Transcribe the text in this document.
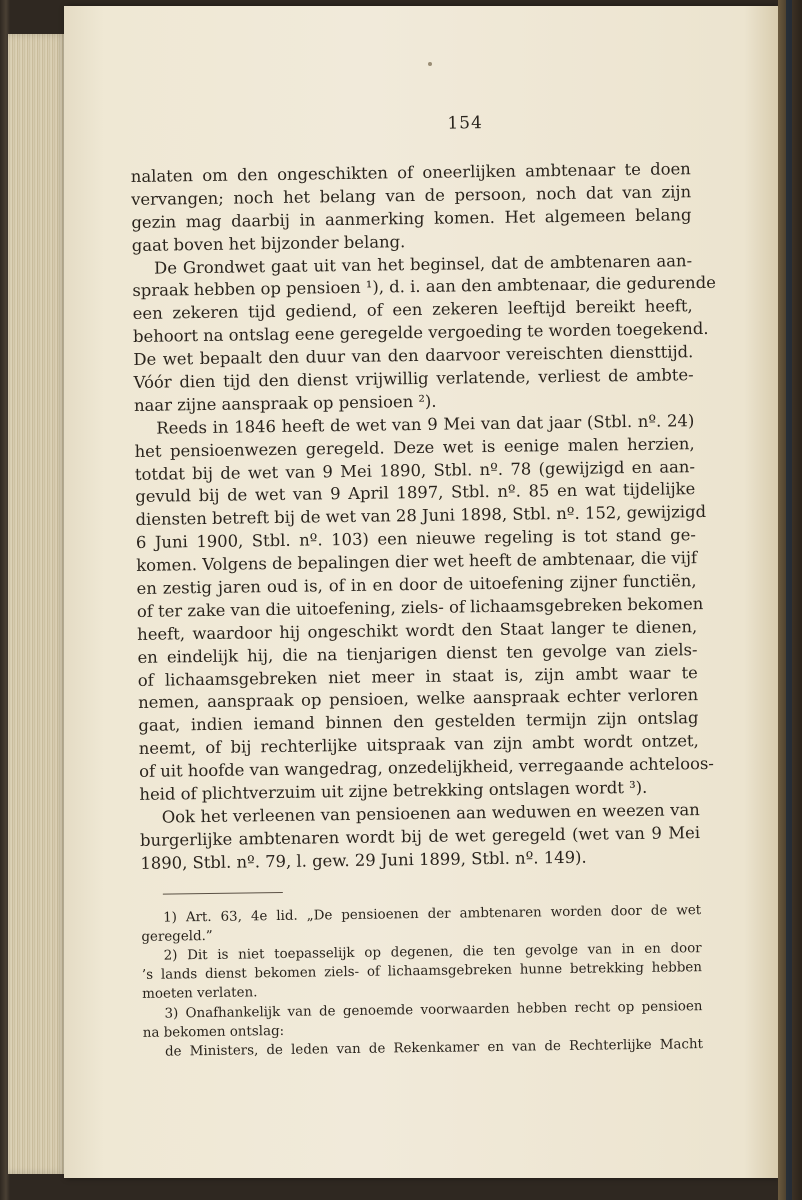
154
nalaten om den ongeschikten of oneerlijken ambtenaar te doen
vervangen; noch het belang van de persoon, noch dat van zijn
gezin mag daarbij in aanmerking komen. Het algemeen belang
gaat boven het bijzonder belang.
De Grondwet gaat uit van het beginsel, dat de ambtenaren aan-
spraak hebben op pensioen ¹), d. i. aan den ambtenaar, die gedurende
een zekeren tijd gediend, of een zekeren leeftijd bereikt heeft,
behoort na ontslag eene geregelde vergoeding te worden toegekend.
De wet bepaalt den duur van den daarvoor vereischten diensttijd.
Vóór dien tijd den dienst vrijwillig verlatende, verliest de ambte-
naar zijne aanspraak op pensioen ²).
Reeds in 1846 heeft de wet van 9 Mei van dat jaar (Stbl. nº. 24)
het pensioenwezen geregeld. Deze wet is eenige malen herzien,
totdat bij de wet van 9 Mei 1890, Stbl. nº. 78 (gewijzigd en aan-
gevuld bij de wet van 9 April 1897, Stbl. nº. 85 en wat tijdelijke
diensten betreft bij de wet van 28 Juni 1898, Stbl. nº. 152, gewijzigd
6 Juni 1900, Stbl. nº. 103) een nieuwe regeling is tot stand ge-
komen. Volgens de bepalingen dier wet heeft de ambtenaar, die vijf
en zestig jaren oud is, of in en door de uitoefening zijner functiën,
of ter zake van die uitoefening, ziels- of lichaamsgebreken bekomen
heeft, waardoor hij ongeschikt wordt den Staat langer te dienen,
en eindelijk hij, die na tienjarigen dienst ten gevolge van ziels-
of lichaamsgebreken niet meer in staat is, zijn ambt waar te
nemen, aanspraak op pensioen, welke aanspraak echter verloren
gaat, indien iemand binnen den gestelden termijn zijn ontslag
neemt, of bij rechterlijke uitspraak van zijn ambt wordt ontzet,
of uit hoofde van wangedrag, onzedelijkheid, verregaande achteloos-
heid of plichtverzuim uit zijne betrekking ontslagen wordt ³).
Ook het verleenen van pensioenen aan weduwen en weezen van
burgerlijke ambtenaren wordt bij de wet geregeld (wet van 9 Mei
1890, Stbl. nº. 79, l. gew. 29 Juni 1899, Stbl. nº. 149).
1) Art. 63, 4e lid. „De pensioenen der ambtenaren worden door de wet
geregeld.”
2) Dit is niet toepasselijk op degenen, die ten gevolge van in en door
’s lands dienst bekomen ziels- of lichaamsgebreken hunne betrekking hebben
moeten verlaten.
3) Onafhankelijk van de genoemde voorwaarden hebben recht op pensioen
na bekomen ontslag:
de Ministers, de leden van de Rekenkamer en van de Rechterlijke Macht
